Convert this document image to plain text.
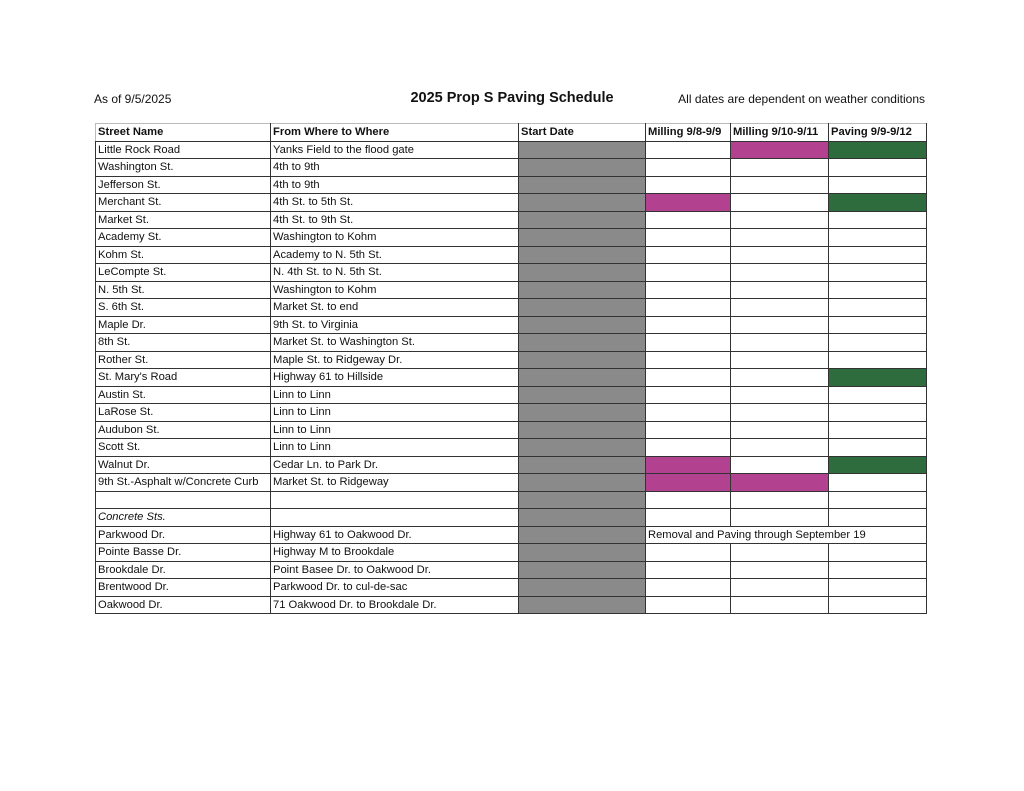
As of 9/5/2025	2025 Prop S Paving Schedule	All dates are dependent on weather conditions
Street Name	From Where to Where	Start Date	Milling 9/8-9/9	Milling 9/10-9/11	Paving 9/9-9/12
Little Rock Road	Yanks Field to the flood gate				
Washington St.	4th to 9th				
Jefferson St.	4th to 9th				
Merchant St.	4th St. to 5th St.				
Market St.	4th St. to 9th St.				
Academy St.	Washington to Kohm				
Kohm St.	Academy to N. 5th St.				
LeCompte St.	N. 4th St. to N. 5th St.				
N. 5th St.	Washington to Kohm				
S. 6th St.	Market St. to end				
Maple Dr.	9th St. to Virginia				
8th St.	Market St. to Washington St.				
Rother St.	Maple St. to Ridgeway Dr.				
St. Mary's Road	Highway 61 to Hillside				
Austin St.	Linn to Linn				
LaRose St.	Linn to Linn				
Audubon St.	Linn to Linn				
Scott St.	Linn to Linn				
Walnut Dr.	Cedar Ln. to Park Dr.				
9th St.-Asphalt w/Concrete Curb	Market St. to Ridgeway				

Concrete Sts.					
Parkwood Dr.	Highway 61 to Oakwood Dr.		Removal and Paving through September 19		

Pointe Basse Dr.	Highway M to Brookdale				
Brookdale Dr.	Point Basee Dr. to Oakwood Dr.				
Brentwood Dr.	Parkwood Dr. to cul-de-sac				
Oakwood Dr.	71 Oakwood Dr. to Brookdale Dr.				
